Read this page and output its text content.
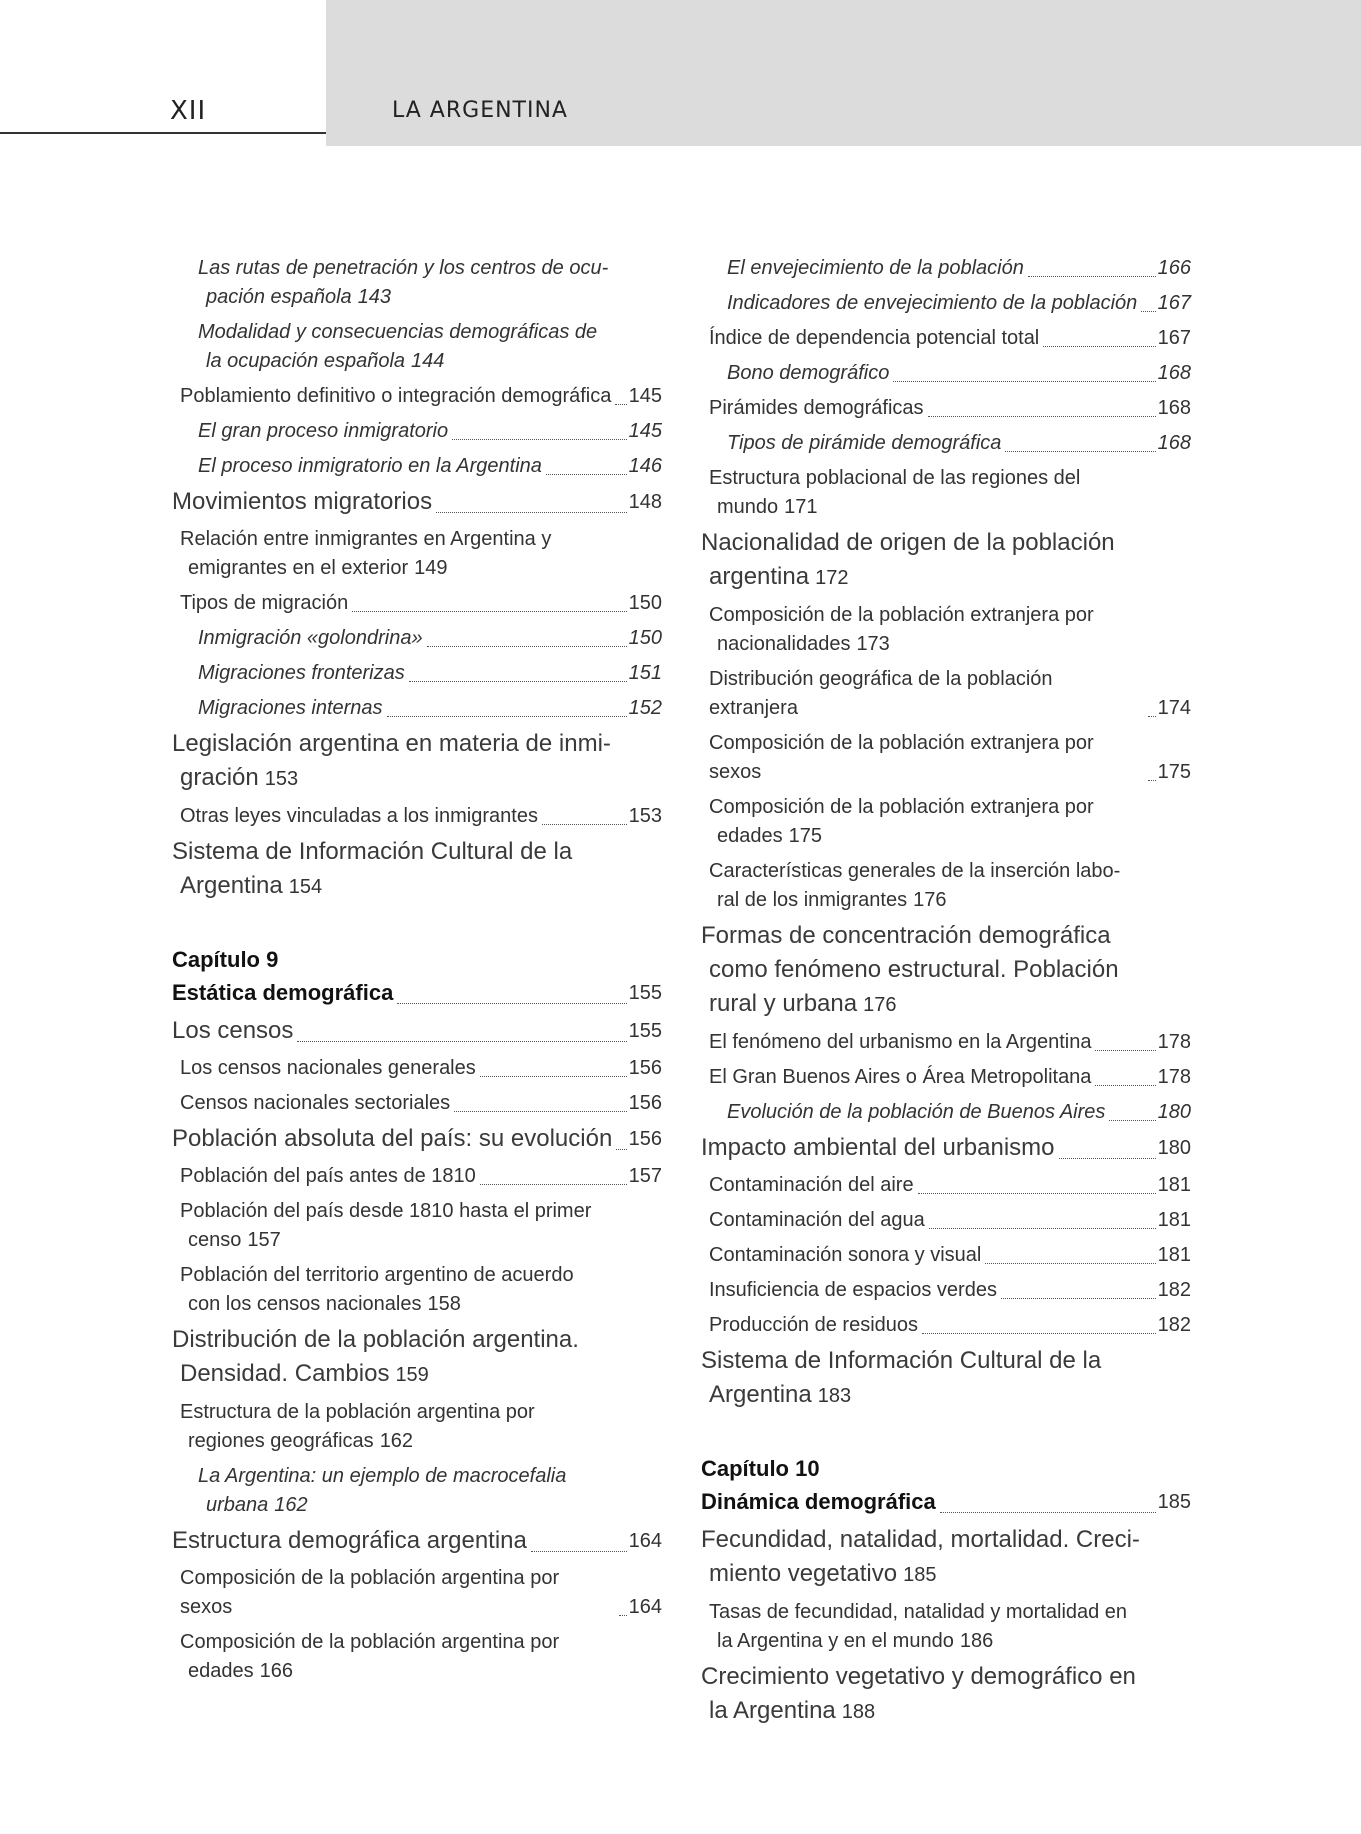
XII	LA ARGENTINA
Las rutas de penetración y los centros de ocu-
pación española 143
Modalidad y consecuencias demográficas de
la ocupación española 144
Poblamiento definitivo o integración demográfica 145
El gran proceso inmigratorio	145
El proceso inmigratorio en la Argentina	146
Movimientos migratorios	148
Relación entre inmigrantes en Argentina y
emigrantes en el exterior 149
Tipos de migración	150
Inmigración «golondrina»	150
Migraciones fronterizas	151
Migraciones internas	152
Legislación argentina en materia de inmi-
gración 153
Otras leyes vinculadas a los inmigrantes	153
Sistema de Información Cultural de la
Argentina 154
Capítulo 9
Estática demográfica	155
Los censos	155
Los censos nacionales generales	156
Censos nacionales sectoriales	156
Población absoluta del país: su evolución 156
Población del país antes de 1810	157
Población del país desde 1810 hasta el primer
censo 157
Población del territorio argentino de acuerdo
con los censos nacionales 158
Distribución de la población argentina.
Densidad. Cambios 159
Estructura de la población argentina por
regiones geográficas 162
La Argentina: un ejemplo de macrocefalia
urbana 162
Estructura demográfica argentina	164
Composición de la población argentina por sexos	164
Composición de la población argentina por
edades 166
El envejecimiento de la población	166
Indicadores de envejecimiento de la población 167
Índice de dependencia potencial total	167
Bono demográfico	168
Pirámides demográficas	168
Tipos de pirámide demográfica	168
Estructura poblacional de las regiones del
mundo 171
Nacionalidad de origen de la población
argentina 172
Composición de la población extranjera por
nacionalidades 173
Distribución geográfica de la población extranjera	174
Composición de la población extranjera por sexos	175
Composición de la población extranjera por
edades 175
Características generales de la inserción labo-
ral de los inmigrantes 176
Formas de concentración demográfica
como fenómeno estructural. Población
rural y urbana 176
El fenómeno del urbanismo en la Argentina	178
El Gran Buenos Aires o Área Metropolitana	178
Evolución de la población de Buenos Aires	180
Impacto ambiental del urbanismo	180
Contaminación del aire	181
Contaminación del agua	181
Contaminación sonora y visual	181
Insuficiencia de espacios verdes	182
Producción de residuos	182
Sistema de Información Cultural de la
Argentina 183
Capítulo 10
Dinámica demográfica	185
Fecundidad, natalidad, mortalidad. Creci-
miento vegetativo 185
Tasas de fecundidad, natalidad y mortalidad en
la Argentina y en el mundo 186
Crecimiento vegetativo y demográfico en
la Argentina 188
